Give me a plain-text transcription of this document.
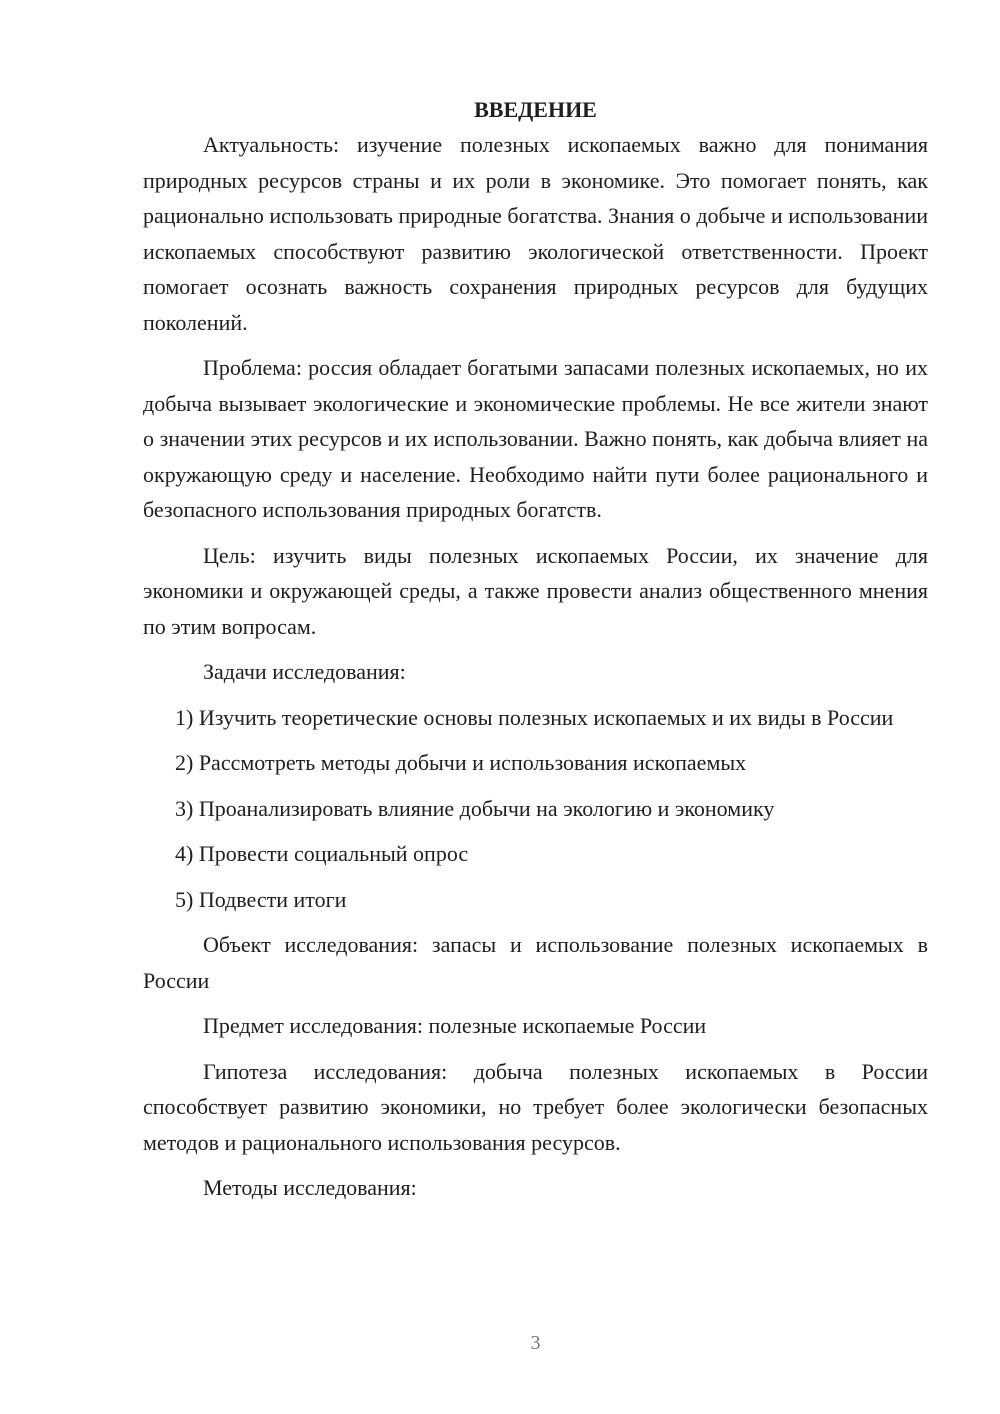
ВВЕДЕНИЕ

Актуальность: изучение полезных ископаемых важно для понимания природных ресурсов страны и их роли в экономике. Это помогает понять, как рационально использовать природные богатства. Знания о добыче и использовании ископаемых способствуют развитию экологической ответственности. Проект помогает осознать важность сохранения природных ресурсов для будущих поколений.

Проблема: россия обладает богатыми запасами полезных ископаемых, но их добыча вызывает экологические и экономические проблемы. Не все жители знают о значении этих ресурсов и их использовании. Важно понять, как добыча влияет на окружающую среду и население. Необходимо найти пути более рационального и безопасного использования природных богатств.

Цель: изучить виды полезных ископаемых России, их значение для экономики и окружающей среды, а также провести анализ общественного мнения по этим вопросам.

Задачи исследования:

1) Изучить теоретические основы полезных ископаемых и их виды в России

2) Рассмотреть методы добычи и использования ископаемых

3) Проанализировать влияние добычи на экологию и экономику

4) Провести социальный опрос

5) Подвести итоги

Объект исследования: запасы и использование полезных ископаемых в России

Предмет исследования: полезные ископаемые России

Гипотеза исследования: добыча полезных ископаемых в России способствует развитию экономики, но требует более экологически безопасных методов и рационального использования ресурсов.

Методы исследования:

3
